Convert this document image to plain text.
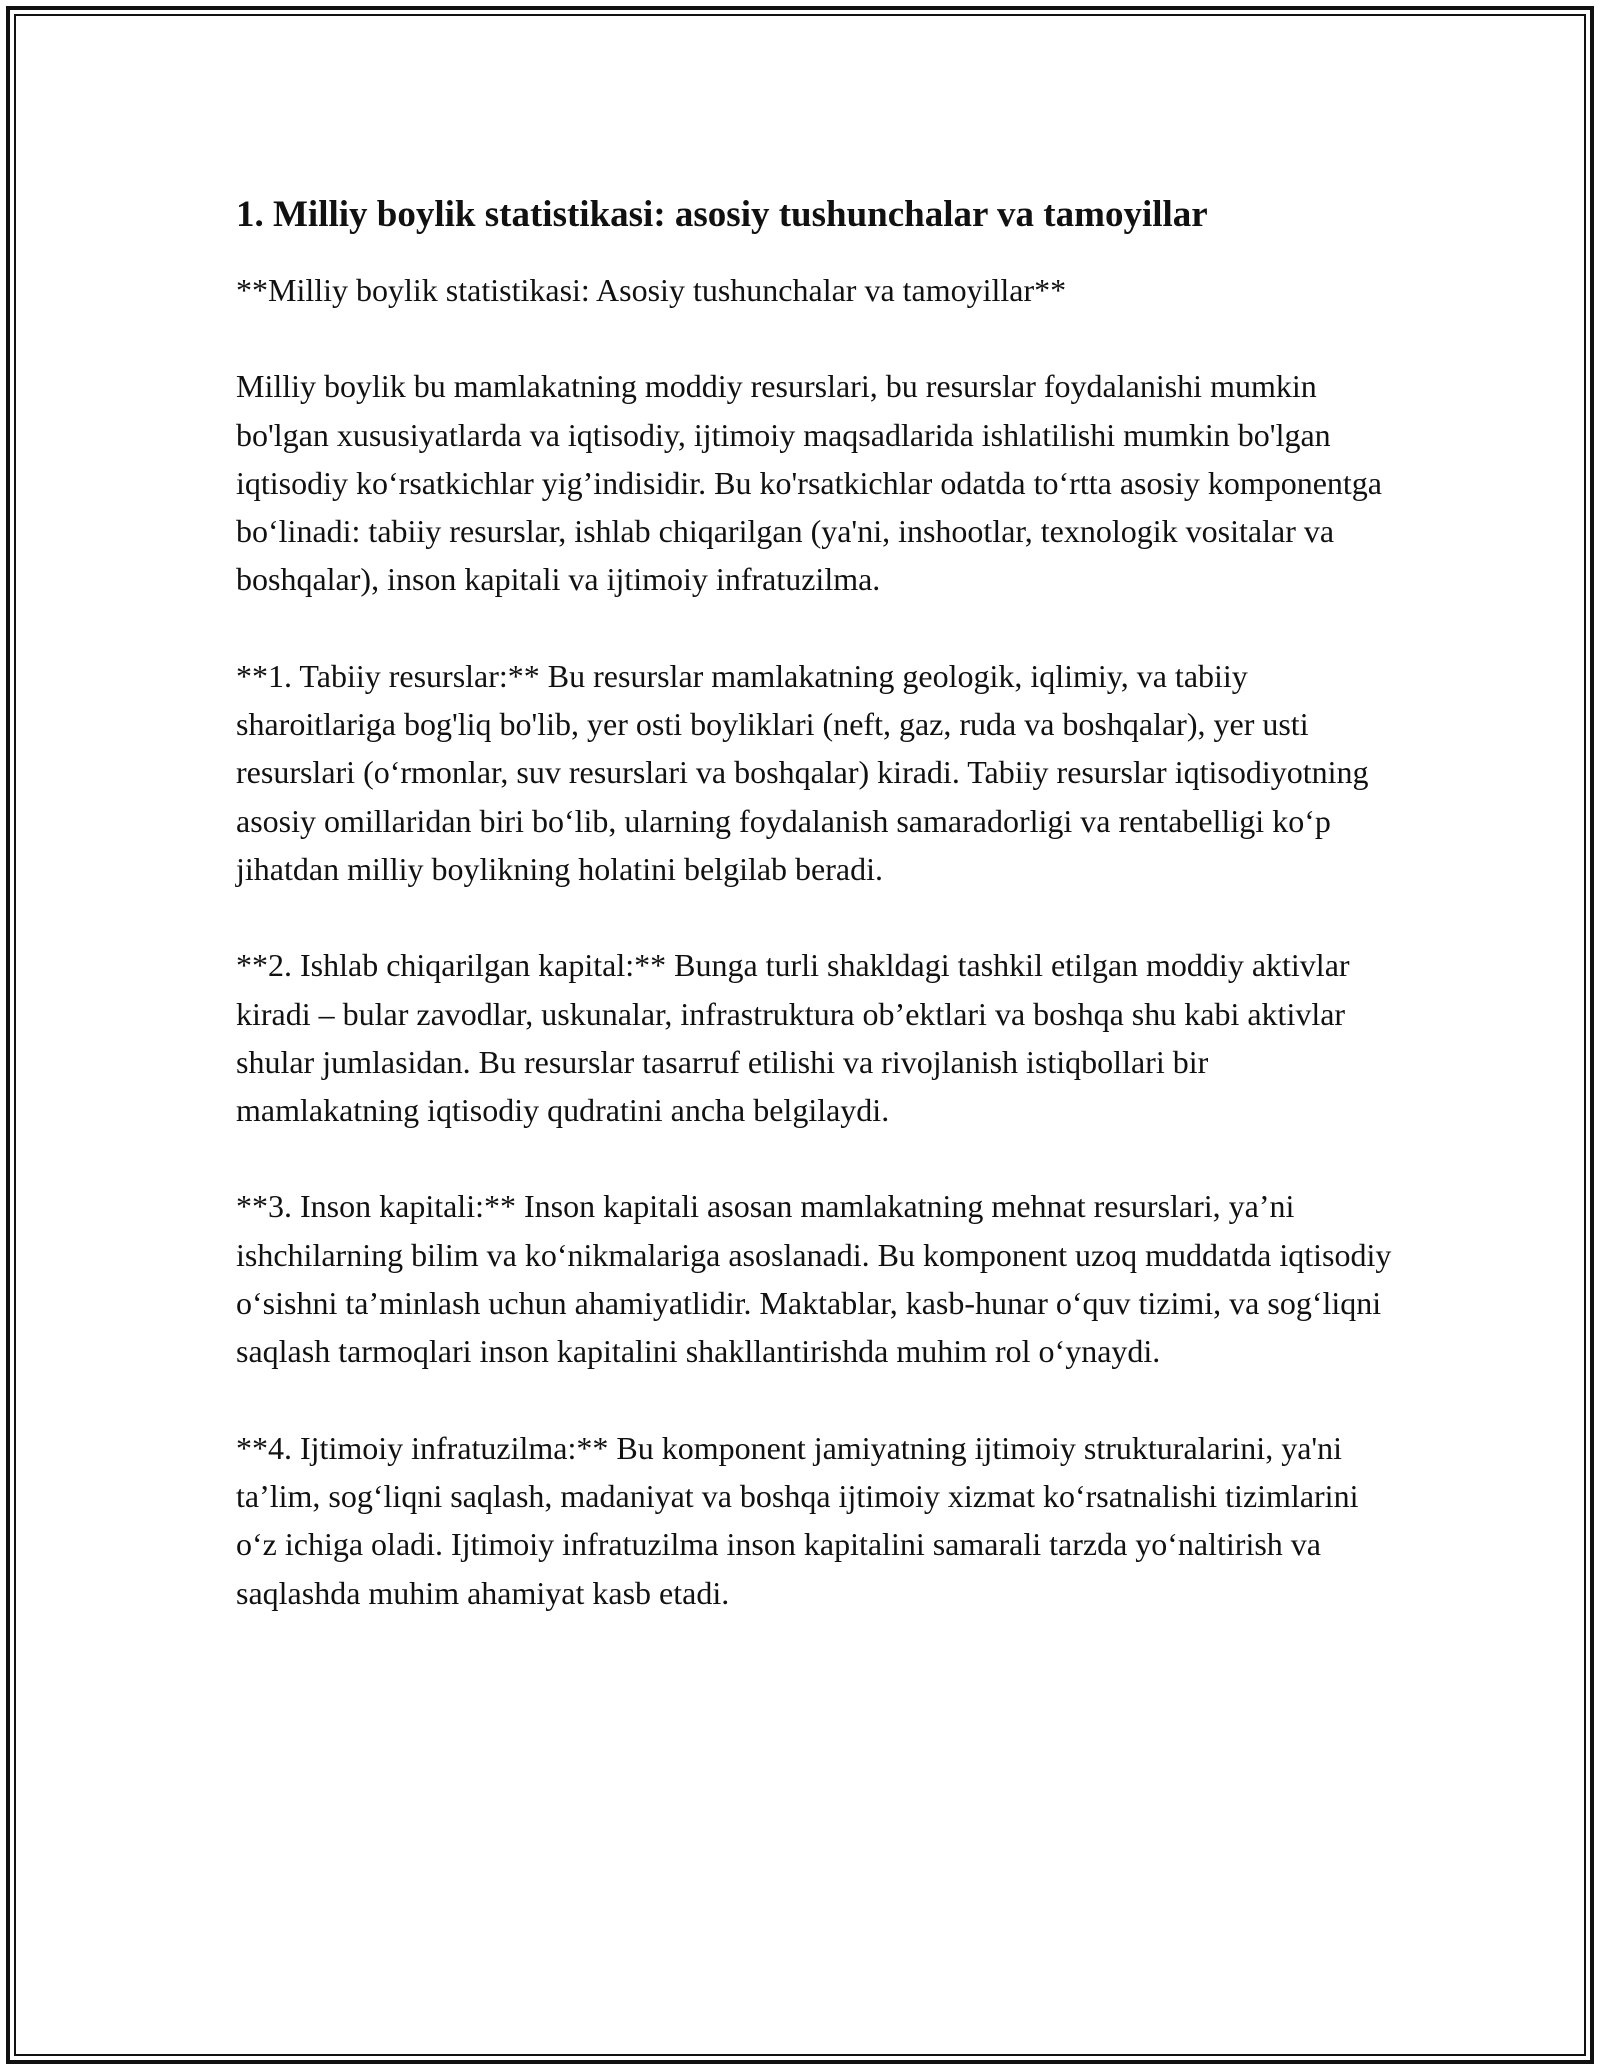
1. Milliy boylik statistikasi: asosiy tushunchalar va tamoyillar

**Milliy boylik statistikasi: Asosiy tushunchalar va tamoyillar**

Milliy boylik bu mamlakatning moddiy resurslari, bu resurslar foydalanishi mumkin bo'lgan xususiyatlarda va iqtisodiy, ijtimoiy maqsadlarida ishlatilishi mumkin bo'lgan iqtisodiy ko‘rsatkichlar yig’indisidir. Bu ko'rsatkichlar odatda to‘rtta asosiy komponentga bo‘linadi: tabiiy resurslar, ishlab chiqarilgan (ya'ni, inshootlar, texnologik vositalar va boshqalar), inson kapitali va ijtimoiy infratuzilma.

**1. Tabiiy resurslar:** Bu resurslar mamlakatning geologik, iqlimiy, va tabiiy sharoitlariga bog'liq bo'lib, yer osti boyliklari (neft, gaz, ruda va boshqalar), yer usti resurslari (o‘rmonlar, suv resurslari va boshqalar) kiradi. Tabiiy resurslar iqtisodiyotning asosiy omillaridan biri bo‘lib, ularning foydalanish samaradorligi va rentabelligi ko‘p jihatdan milliy boylikning holatini belgilab beradi.

**2. Ishlab chiqarilgan kapital:** Bunga turli shakldagi tashkil etilgan moddiy aktivlar kiradi – bular zavodlar, uskunalar, infrastruktura ob’ektlari va boshqa shu kabi aktivlar shular jumlasidan. Bu resurslar tasarruf etilishi va rivojlanish istiqbollari bir mamlakatning iqtisodiy qudratini ancha belgilaydi.

**3. Inson kapitali:** Inson kapitali asosan mamlakatning mehnat resurslari, ya’ni ishchilarning bilim va ko‘nikmalariga asoslanadi. Bu komponent uzoq muddatda iqtisodiy o‘sishni ta’minlash uchun ahamiyatlidir. Maktablar, kasb-hunar o‘quv tizimi, va sog‘liqni saqlash tarmoqlari inson kapitalini shakllantirishda muhim rol o‘ynaydi.

**4. Ijtimoiy infratuzilma:** Bu komponent jamiyatning ijtimoiy strukturalarini, ya'ni ta’lim, sog‘liqni saqlash, madaniyat va boshqa ijtimoiy xizmat ko‘rsatnalishi tizimlarini o‘z ichiga oladi. Ijtimoiy infratuzilma inson kapitalini samarali tarzda yo‘naltirish va saqlashda muhim ahamiyat kasb etadi.
